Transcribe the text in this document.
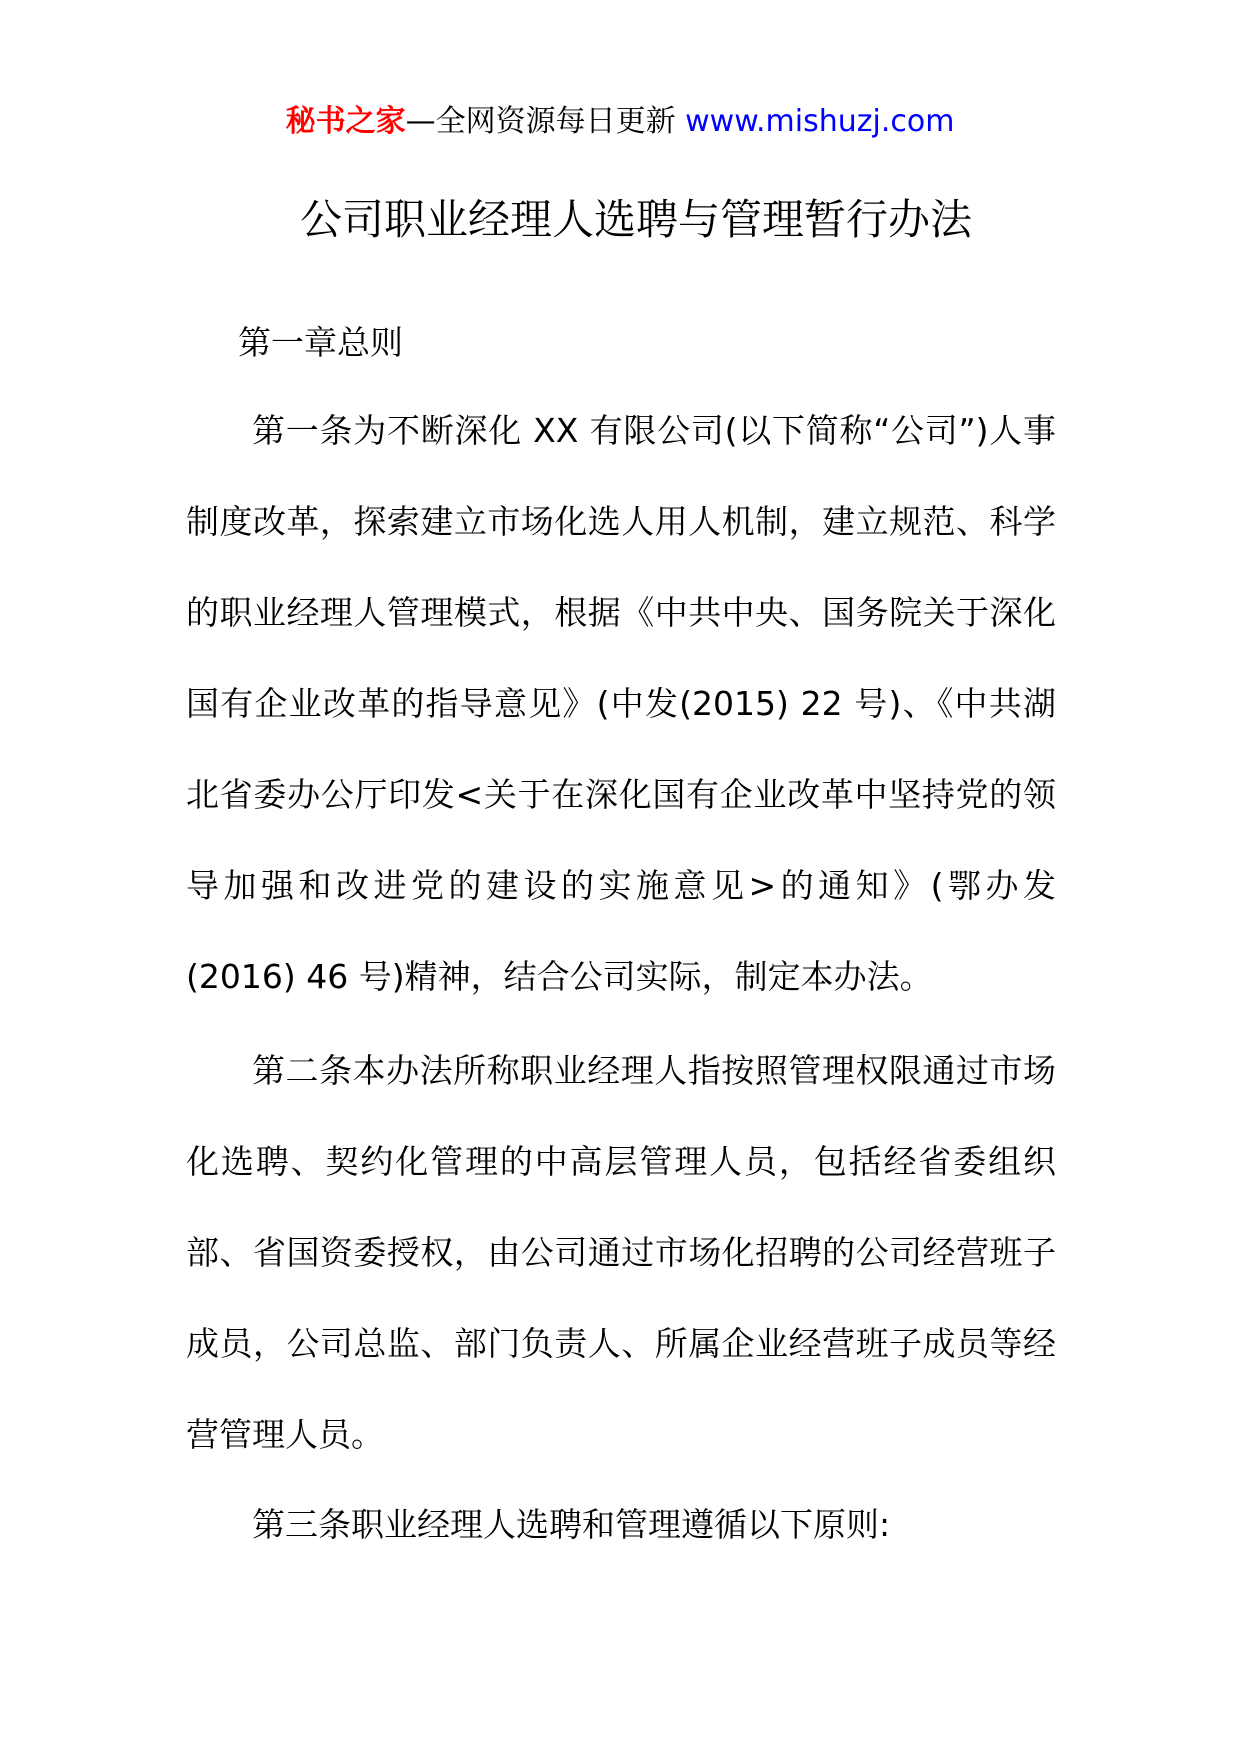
秘书之家—全网资源每日更新 www.mishuzj.com
公司职业经理人选聘与管理暂行办法
第一章总则

第一条为不断深化 XX 有限公司(以下简称“公司”)人事制度改革，探索建立市场化选人用人机制，建立规范、科学的职业经理人管理模式，根据《中共中央、国务院关于深化国有企业改革的指导意见》(中发(2015) 22 号)、《中共湖北省委办公厅印发<关于在深化国有企业改革中坚持党的领导加强和改进党的建设的实施意见>的通知》(鄂办发(2016) 46 号)精神，结合公司实际，制定本办法。

第二条本办法所称职业经理人指按照管理权限通过市场化选聘、契约化管理的中高层管理人员，包括经省委组织部、省国资委授权，由公司通过市场化招聘的公司经营班子成员，公司总监、部门负责人、所属企业经营班子成员等经营管理人员。

第三条职业经理人选聘和管理遵循以下原则:
